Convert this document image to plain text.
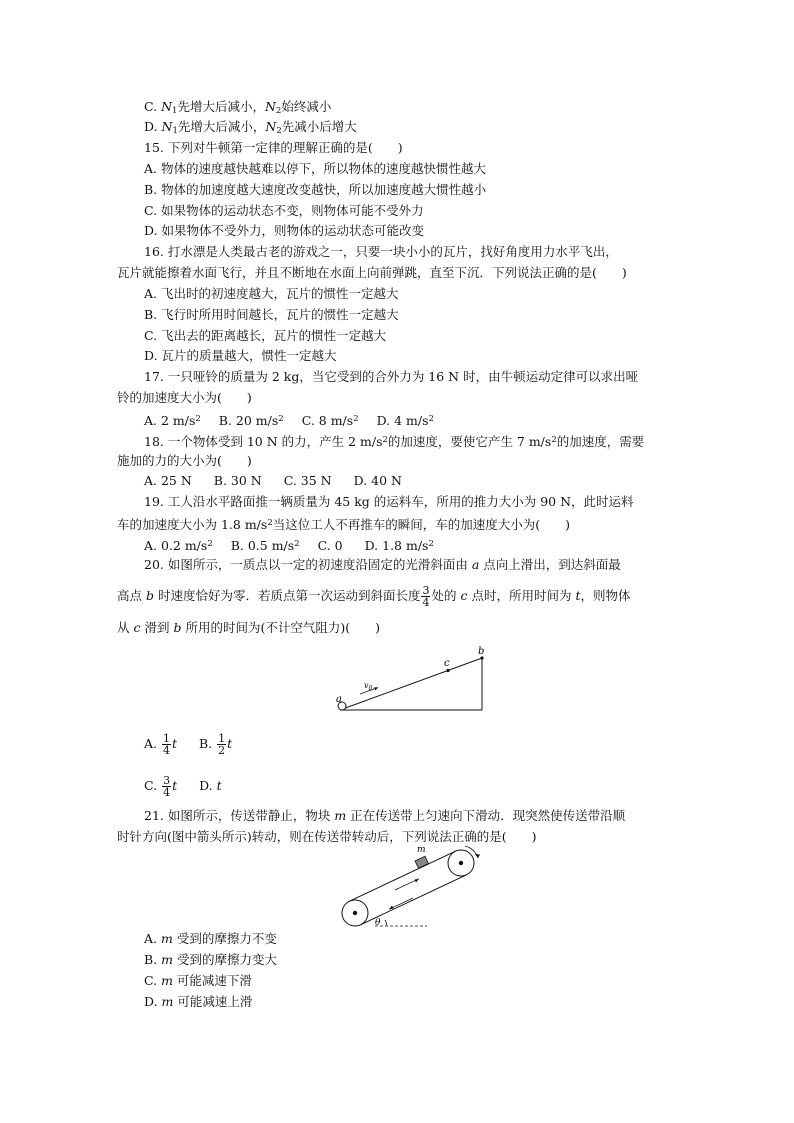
C. $N_1$先增大后减小，$N_2$始终减小
D. $N_1$先增大后减小，$N_2$先减小后增大
15. 下列对牛顿第一定律的理解正确的是(　　)
A. 物体的速度越快越难以停下，所以物体的速度越快惯性越大
B. 物体的加速度越大速度改变越快，所以加速度越大惯性越小
C. 如果物体的运动状态不变，则物体可能不受外力
D. 如果物体不受外力，则物体的运动状态可能改变
16. 打水漂是人类最古老的游戏之一，只要一块小小的瓦片，找好角度用力水平飞出，
瓦片就能擦着水面飞行，并且不断地在水面上向前弹跳，直至下沉．下列说法正确的是(　　)
A. 飞出时的初速度越大，瓦片的惯性一定越大
B. 飞行时所用时间越长，瓦片的惯性一定越大
C. 飞出去的距离越长，瓦片的惯性一定越大
D. 瓦片的质量越大，惯性一定越大
17. 一只哑铃的质量为 2 kg，当它受到的合外力为 16 N 时，由牛顿运动定律可以求出哑
铃的加速度大小为(　　)
A. 2 $m/s^2$ B. 20 $m/s^2$ C. 8 $m/s^2$ D. 4 $m/s^2$
18. 一个物体受到 10 N 的力，产生 2 $m/s^2$的加速度，要使它产生 7 $m/s^2$的加速度，需要
施加的力的大小为(　　)
A. 25 N B. 30 N C. 35 N D. 40 N
19. 工人沿水平路面推一辆质量为 45 kg 的运料车，所用的推力大小为 90 N，此时运料
车的加速度大小为 1.8 $m/s^2$当这位工人不再推车的瞬间，车的加速度大小为(　　)
A. 0.2 $m/s^2$ B. 0.5 $m/s^2$ C. 0 D. 1.8 $m/s^2$
20. 如图所示，一质点以一定的初速度沿固定的光滑斜面由 a 点向上滑出，到达斜面最
高点 b 时速度恰好为零．若质点第一次运动到斜面长度 $\frac{3}{4}$ 处的 c 点时，所用时间为 t，则物体
从 c 滑到 b 所用的时间为(不计空气阻力)(　　)
a
b
c
$v_0$
A. $\frac{1}{4}$ t B. $\frac{1}{2}$ t
C. $\frac{3}{4}$ t D. t
21. 如图所示，传送带静止，物块 m 正在传送带上匀速向下滑动．现突然使传送带沿顺
时针方向(图中箭头所示)转动，则在传送带转动后，下列说法正确的是(　　)
m
θ
A. m 受到的摩擦力不变
B. m 受到的摩擦力变大
C. m 可能减速下滑
D. m 可能减速上滑
